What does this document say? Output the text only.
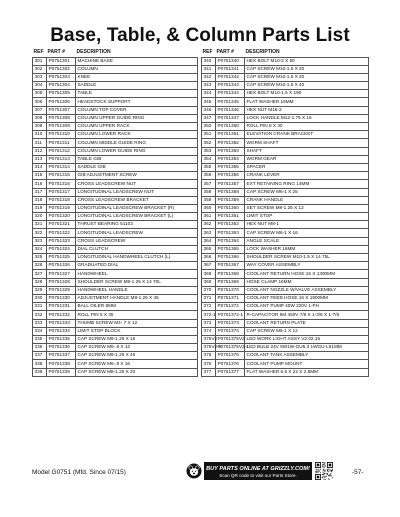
Base, Table, & Column Parts List
REF	PART #	DESCRIPTION
301	P0751301	MACHINE BASE
302	P0751302	COLUMN
303	P0751303	KNEE
304	P0751304	SADDLE
305	P0751305	TABLE
306	P0751306	HEADSTOCK SUPPORT
307	P0751307	COLUMN TOP COVER
308	P0751308	COLUMN UPPER GUIDE RING
309	P0751309	COLUMN UPPER RACK
310	P0751310	COLUMN LOWER RACK
311	P0751311	COLUMN MIDDLE GUIDE RING
312	P0751312	COLUMN LOWER GUIDE RING
313	P0751313	TABLE GIB
314	P0751314	SADDLE GIB
315	P0751315	GIB ADJUSTMENT SCREW
316	P0751316	CROSS LEADSCREW NUT
317	P0751317	LONGITUDINAL LEADSCREW NUT
318	P0751318	CROSS LEADSCREW BRACKET
319	P0751319	LONGITUDINAL LEADSCREW BRACKET (R)
320	P0751320	LONGITUDINAL LEADSCREW BRACKET (L)
321	P0751321	THRUST BEARING 51103
322	P0751322	LONGITUDINAL LEADSCREW
323	P0751323	CROSS LEADSCREW
324	P0751324	DIAL CLUTCH
325	P0751325	LONGITUDINAL HANDWHEEL CLUTCH (L)
326	P0751326	GRADUATED DIAL
327	P0751327	HANDWHEEL
328	P0751328	SHOULDER SCREW M8-1.25 X 14 70L
329	P0751329	HANDWHEEL HANDLE
330	P0751330	ADJUSTMENT HANDLE M8-1.25 X 45
331	P0751331	BALL OILER 8MM
332	P0751332	ROLL PIN 5 X 35
333	P0751333	THUMB SCREW M4- 7 X 12
334	P0751334	LIMIT STOP BLOCK
335	P0751335	CAP SCREW M8-1.25 X 16
336	P0751336	CAP SCREW M6-.8 X 12
337	P0751337	CAP SCREW M8-1.25 X 45
338	P0751338	CAP SCREW M6-.8 X 16
339	P0751339	CAP SCREW M8-1.25 X 20
REF	PART #	DESCRIPTION
340	P0751340	HEX BOLT M10-2 X 50
341	P0751341	CAP SCREW M10-1.5 X 20
342	P0751342	CAP SCREW M10-1.5 X 20
343	P0751343	CAP SCREW M10-1.5 X 40
344	P0751344	HEX BOLT M10-1.5 X 190
345	P0751345	FLAT WASHER 16MM
346	P0751346	HEX NUT M16-2
347	P0751347	LOCK HANDLE M12-1.75 X 16
350	P0751350	ROLL PIN 8 X 30
351	P0751351	ELEVATION CRANK BRACKET
352	P0751352	WORM SHAFT
353	P0751353	SHAFT
354	P0751354	WORM GEAR
355	P0751355	SPACER
356	P0751356	CRANK LEVER
357	P0751357	EXT RETAINING RING 14MM
358	P0751358	CAP SCREW M6-1 X 25
359	P0751359	CRANK HANDLE
360	P0751360	SET SCREW M8-1.25 X 12
361	P0751361	LIMIT STOP
362	P0751362	HEX NUT M8-1
363	P0751363	CAP SCREW M6-1 X 16
364	P0751364	ANGLE SCALE
365	P0751365	LOCK WASHER 16MM
366	P0751366	SHOULDER SCREW M10-1.5 X 14 75L
367	P0751367	WAY COVER ASSEMBLY
368	P0751368	COOLANT RETURN HOSE 16 X 1300MM
369	P0751369	HOSE CLAMP 16MM
370	P0751370	COOLANT NOZZLE W/VALVE ASSEMBLY
371	P0751371	COOLANT FEED HOSE 16 X 1900MM
372	P0751372	COOLANT PUMP 40W 220V 1-PH
372-1	P0751372-1	R-CAPACITOR 5M 450V 7/8 X 1-3/8 X 1-7/8
373	P0751373	COOLANT RETURN PLATE
374	P0751374	CAP SCREW M6-1 X 12
375V2	P0751375V2	LED WORK LIGHT ASSY V2.02.15
375V2-1	P0751375V2-1	LED BULB 24V 9W1W-GU5.3 1WGU-L51MM
376	P0751376	COOLANT TANK ASSEMBLY
376	P0751376	COOLANT PUMP MOUNT
377	P0751377	FLAT WASHER 6.5 X 22 X 2.5MM
Model G0751 (Mfd. Since 07/15)
BUY PARTS ONLINE AT GRIZZLY.COM!
Scan QR code to visit our Parts Store.	-57-
